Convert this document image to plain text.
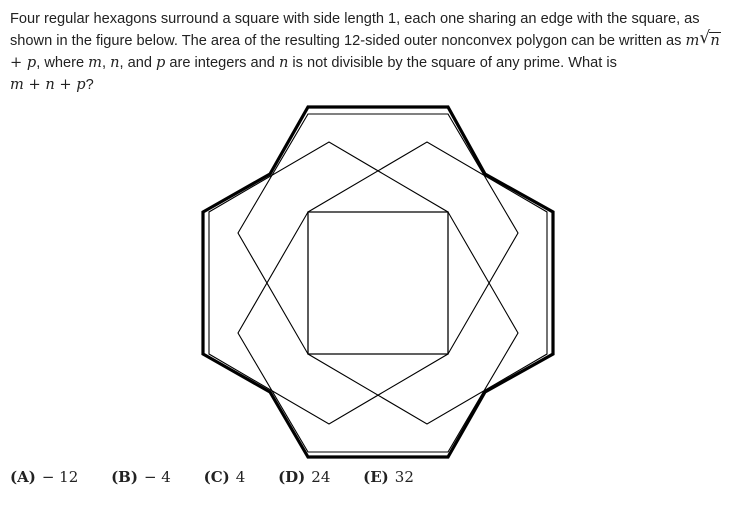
Four regular hexagons surround a square with side length 1, each one sharing an edge with the square, as shown in the figure below. The area of the resulting 12-sided outer nonconvex polygon can be written as m √ n + p, where m, n, and p are integers and n is not divisible by the square of any prime. What is
m + n + p?

(A) − 12 (B) − 4 (C) 4 (D) 24 (E) 32
